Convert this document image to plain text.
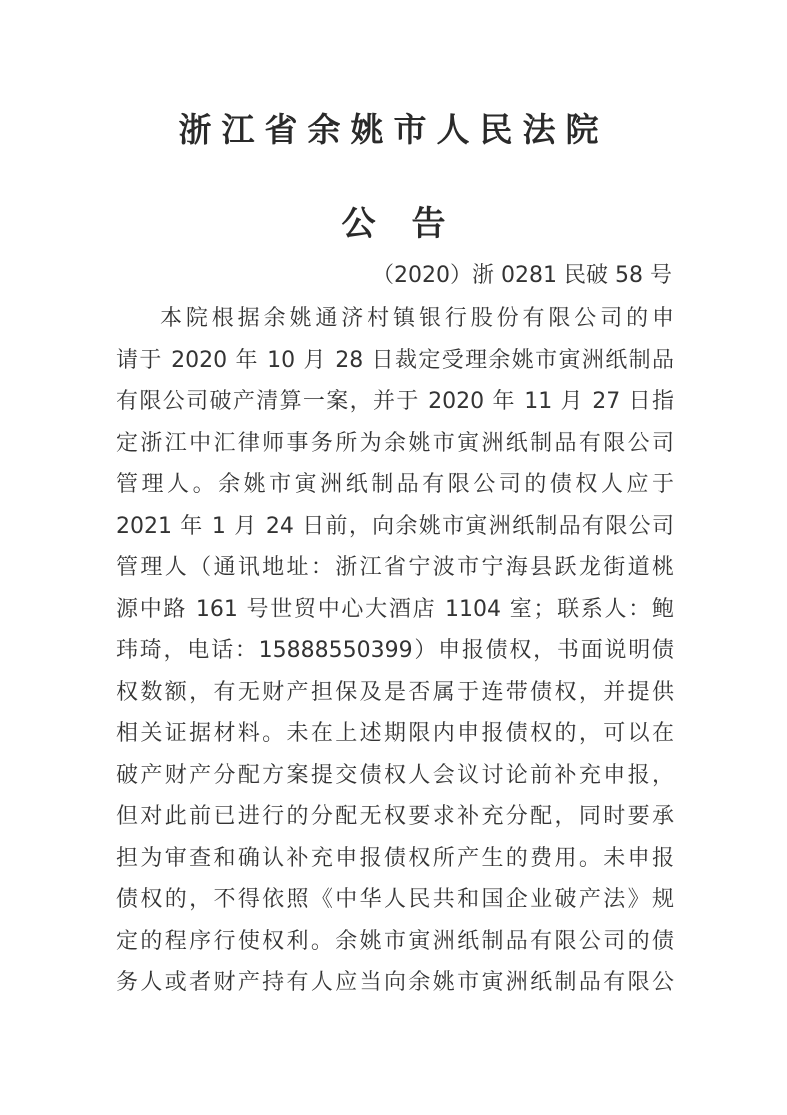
浙江省余姚市人民法院
公告
（2020）浙 0281 民破 58 号
本院根据余姚通济村镇银行股份有限公司的申
请于 2020 年 10 月 28 日裁定受理余姚市寅洲纸制品
有限公司破产清算一案，并于 2020 年 11 月 27 日指
定浙江中汇律师事务所为余姚市寅洲纸制品有限公司
管理人。余姚市寅洲纸制品有限公司的债权人应于
2021 年 1 月 24 日前，向余姚市寅洲纸制品有限公司
管理人（通讯地址：浙江省宁波市宁海县跃龙街道桃
源中路 161 号世贸中心大酒店 1104 室；联系人：鲍
玮琦，电话：15888550399）申报债权，书面说明债
权数额，有无财产担保及是否属于连带债权，并提供
相关证据材料。未在上述期限内申报债权的，可以在
破产财产分配方案提交债权人会议讨论前补充申报，
但对此前已进行的分配无权要求补充分配，同时要承
担为审查和确认补充申报债权所产生的费用。未申报
债权的，不得依照《中华人民共和国企业破产法》规
定的程序行使权利。余姚市寅洲纸制品有限公司的债
务人或者财产持有人应当向余姚市寅洲纸制品有限公
